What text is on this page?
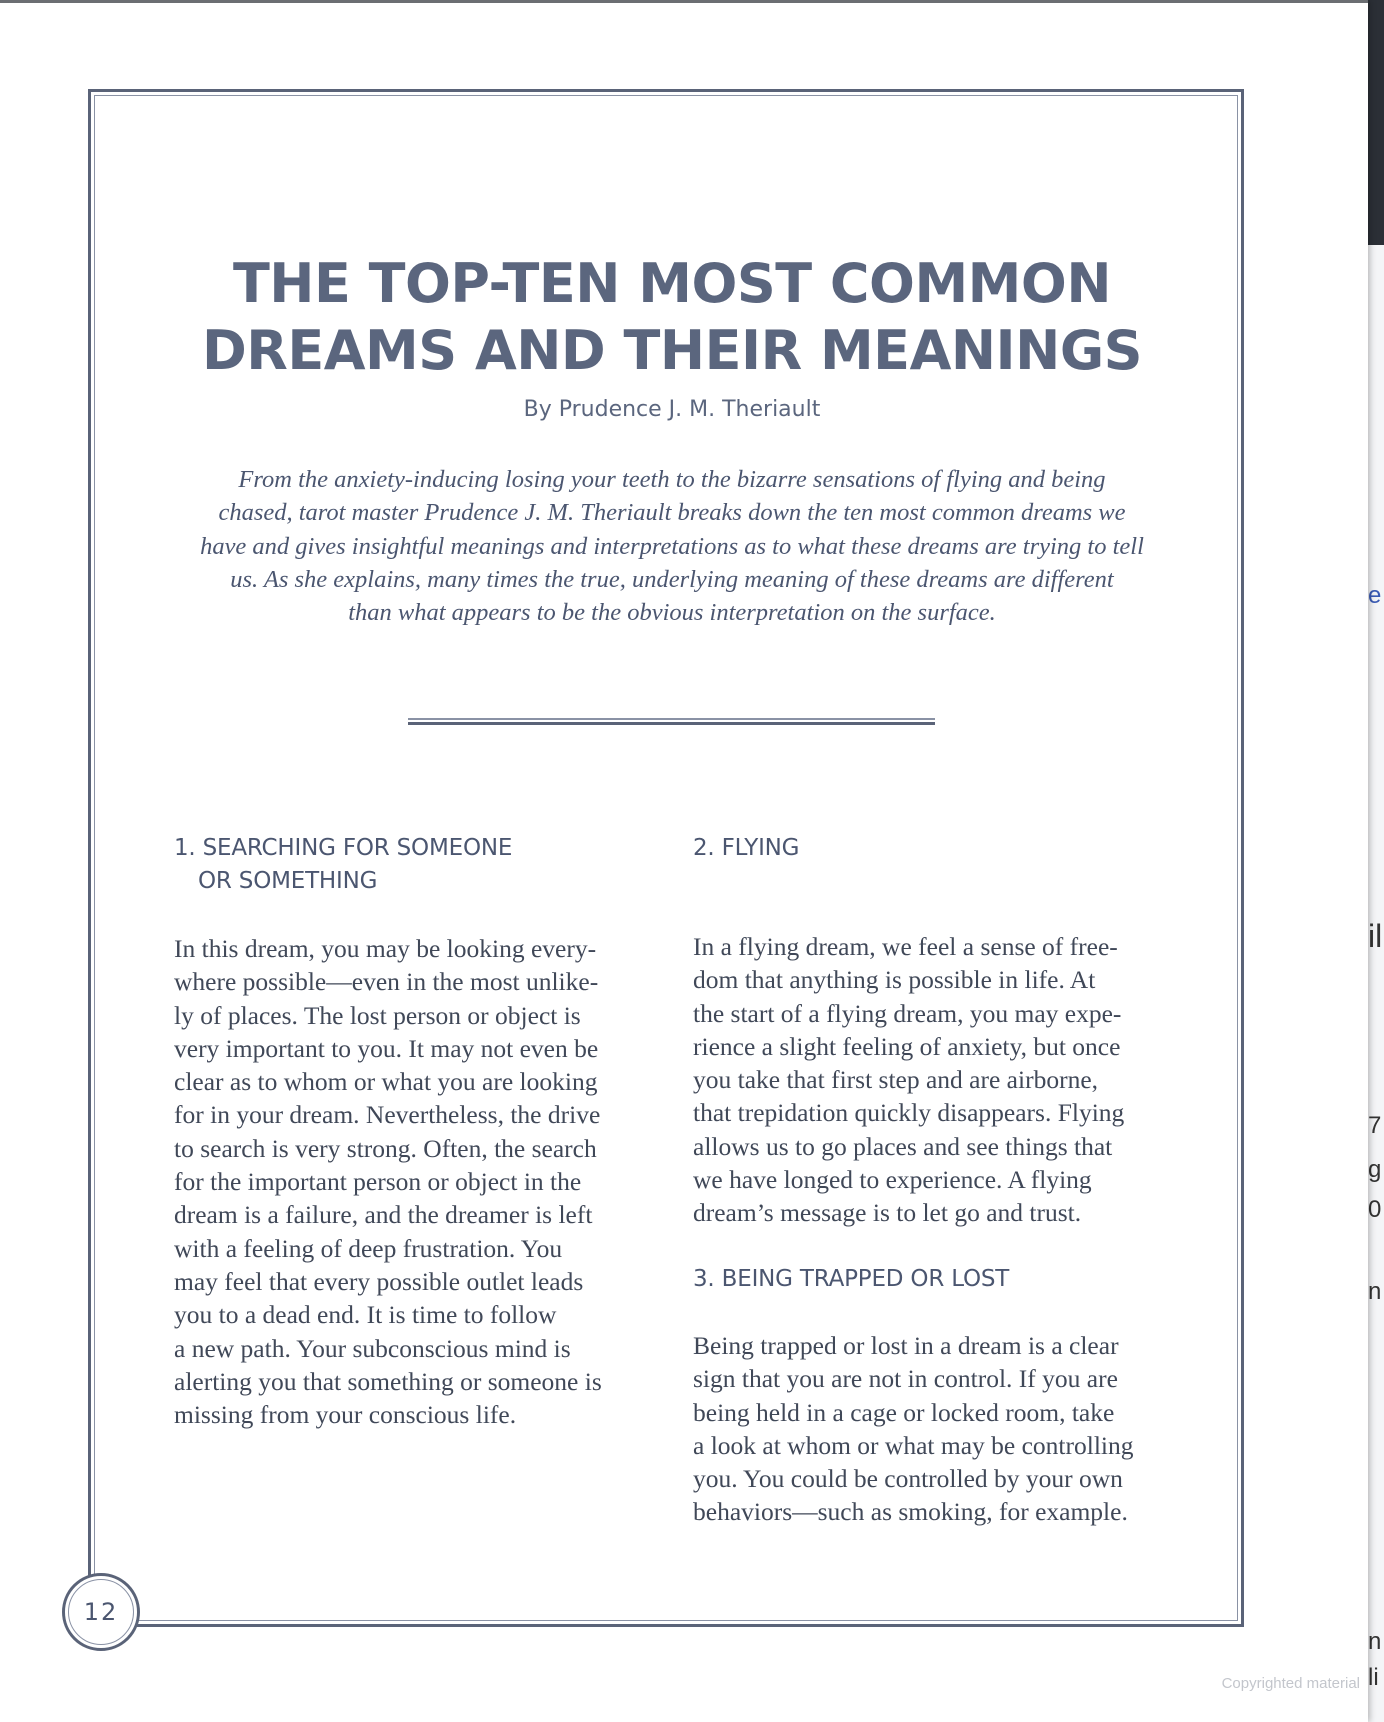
e
il
7
g
0
n
n
li
THE TOP-TEN MOST COMMON
DREAMS AND THEIR MEANINGS
By Prudence J. M. Theriault
From the anxiety-inducing losing your teeth to the bizarre sensations of flying and being
chased, tarot master Prudence J. M. Theriault breaks down the ten most common dreams we
have and gives insightful meanings and interpretations as to what these dreams are trying to tell
us. As she explains, many times the true, underlying meaning of these dreams are different
than what appears to be the obvious interpretation on the surface.
1. SEARCHING FOR SOMEONE
OR SOMETHING
In this dream, you may be looking every-
where possible—even in the most unlike-
ly of places. The lost person or object is
very important to you. It may not even be
clear as to whom or what you are looking
for in your dream. Nevertheless, the drive
to search is very strong. Often, the search
for the important person or object in the
dream is a failure, and the dreamer is left
with a feeling of deep frustration. You
may feel that every possible outlet leads
you to a dead end. It is time to follow
a new path. Your subconscious mind is
alerting you that something or someone is
missing from your conscious life.
2. FLYING
In a flying dream, we feel a sense of free-
dom that anything is possible in life. At
the start of a flying dream, you may expe-
rience a slight feeling of anxiety, but once
you take that first step and are airborne,
that trepidation quickly disappears. Flying
allows us to go places and see things that
we have longed to experience. A flying
dream’s message is to let go and trust.
3. BEING TRAPPED OR LOST
Being trapped or lost in a dream is a clear
sign that you are not in control. If you are
being held in a cage or locked room, take
a look at whom or what may be controlling
you. You could be controlled by your own
behaviors—such as smoking, for example.
12
Copyrighted material
